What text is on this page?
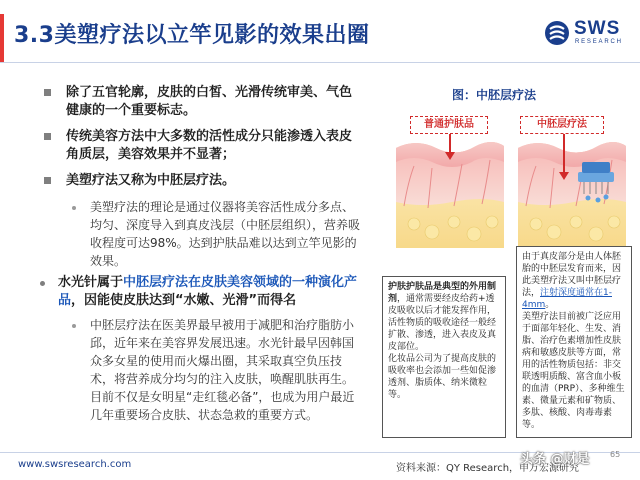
3.3美塑疗法以立竿见影的效果出圈	SWS
RESEARCH
除了五官轮廓，皮肤的白皙、光滑传统审美、气色健康的一个重要标志。
传统美容方法中大多数的活性成分只能渗透入表皮角质层，美容效果并不显著；
美塑疗法又称为中胚层疗法。
美塑疗法的理论是通过仪器将美容活性成分多点、均匀、深度导入到真皮浅层（中胚层组织），营养吸收程度可达98%。达到护肤品难以达到立竿见影的效果。
水光针属于中胚层疗法在皮肤美容领域的一种演化产品，因能使皮肤达到“水嫩、光滑”而得名
中胚层疗法在医美界最早被用于减肥和治疗脂肪小邱，近年来在美容界发展迅速。水光针最早因韩国众多女星的使用而火爆出圈，其采取真空负压技术，将营养成分均匀的注入皮肤，唤醒肌肤再生。目前不仅是女明星“走红毯必备”，也成为用户最近几年重要场合皮肤、状态急救的重要方式。
图：中胚层疗法
普通护肤品	中胚层疗法
护肤护肤品是典型的外用制剂，通常需要经皮给药+透皮吸收以后才能发挥作用，活性物质的吸收途径一般经扩散、渗透，进入表皮及真皮部位。
化妆品公司为了提高皮肤的吸收率也会添加一些如促渗透剂、脂质体、纳米微粒等。
由于真皮部分是由人体胚胎的中胚层发育而来，因此美塑疗法又叫中胚层疗法，注射深度通常在1-4mm。
美塑疗法目前被广泛应用于面部年轻化、生发、消脂、治疗色素增加性皮肤病和敏感皮肤等方面，常用的活性物质包括：非交联透明质酸、富含血小板的血清（PRP）、多种维生素、微量元素和矿物质、多肽、核酸、肉毒毒素等。
www.swsresearch.com	资料来源：QY Research，申万宏源研究
头条 @财是	65
